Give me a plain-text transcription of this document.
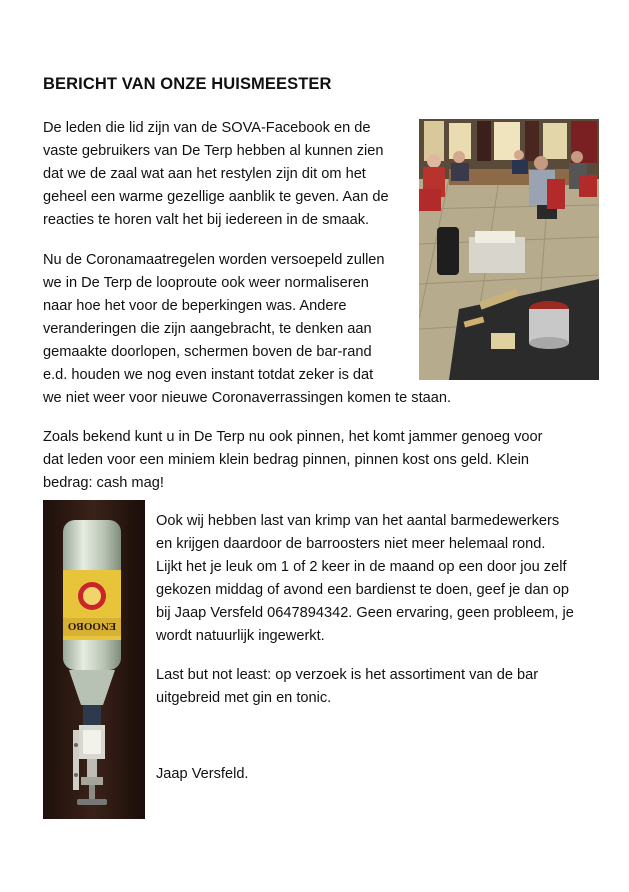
BERICHT VAN ONZE HUISMEESTER
De leden die lid zijn van de SOVA-Facebook en de
vaste gebruikers van De Terp hebben al kunnen zien
dat we de zaal wat aan het restylen zijn dit om het
geheel een warme gezellige aanblik te geven. Aan de
reacties te horen valt het bij iedereen in de smaak.
Nu de Coronamaatregelen worden versoepeld zullen
we in De Terp de looproute ook weer normaliseren
naar hoe het voor de beperkingen was. Andere
veranderingen die zijn aangebracht, te denken aan
gemaakte doorlopen, schermen boven de bar-rand
e.d. houden we nog even instant totdat zeker is dat
we niet weer voor nieuwe Coronaverrassingen komen te staan.
Zoals bekend kunt u in De Terp nu ook pinnen, het komt jammer genoeg voor
dat leden voor een miniem klein bedrag pinnen, pinnen kost ons geld. Klein
bedrag: cash mag!
Ook wij hebben last van krimp van het aantal barmedewerkers
en krijgen daardoor de barroosters niet meer helemaal rond.
Lijkt het je leuk om 1 of 2 keer in de maand op een door jou zelf
gekozen middag of avond een bardienst te doen, geef je dan op
bij Jaap Versfeld 0647894342. Geen ervaring, geen probleem, je
wordt natuurlijk ingewerkt.
Last but not least: op verzoek is het assortiment van de bar
uitgebreid met gin en tonic.
Jaap Versfeld.
ENOOBO
